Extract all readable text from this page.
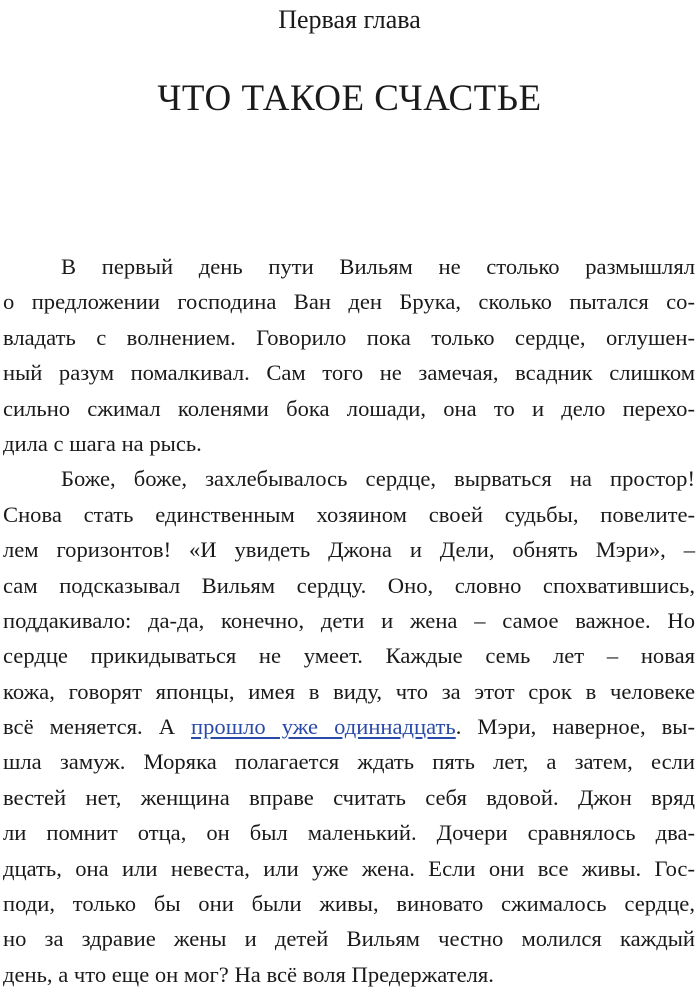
Первая глава
ЧТО ТАКОЕ СЧАСТЬЕ
В первый день пути Вильям не столько размышлял
о предложении господина Ван ден Брука, сколько пытался со-
владать с волнением. Говорило пока только сердце, оглушен-
ный разум помалкивал. Сам того не замечая, всадник слишком
сильно сжимал коленями бока лошади, она то и дело перехо-
дила с шага на рысь.
Боже, боже, захлебывалось сердце, вырваться на простор!
Снова стать единственным хозяином своей судьбы, повелите-
лем горизонтов! «И увидеть Джона и Дели, обнять Мэри», –
сам подсказывал Вильям сердцу. Оно, словно спохватившись,
поддакивало: да-да, конечно, дети и жена – самое важное. Но
сердце прикидываться не умеет. Каждые семь лет – новая
кожа, говорят японцы, имея в виду, что за этот срок в человеке
всё меняется. А прошло уже одиннадцать. Мэри, наверное, вы-
шла замуж. Моряка полагается ждать пять лет, а затем, если
вестей нет, женщина вправе считать себя вдовой. Джон вряд
ли помнит отца, он был маленький. Дочери сравнялось два-
дцать, она или невеста, или уже жена. Если они все живы. Гос-
поди, только бы они были живы, виновато сжималось сердце,
но за здравие жены и детей Вильям честно молился каждый
день, а что еще он мог? На всё воля Предержателя.
